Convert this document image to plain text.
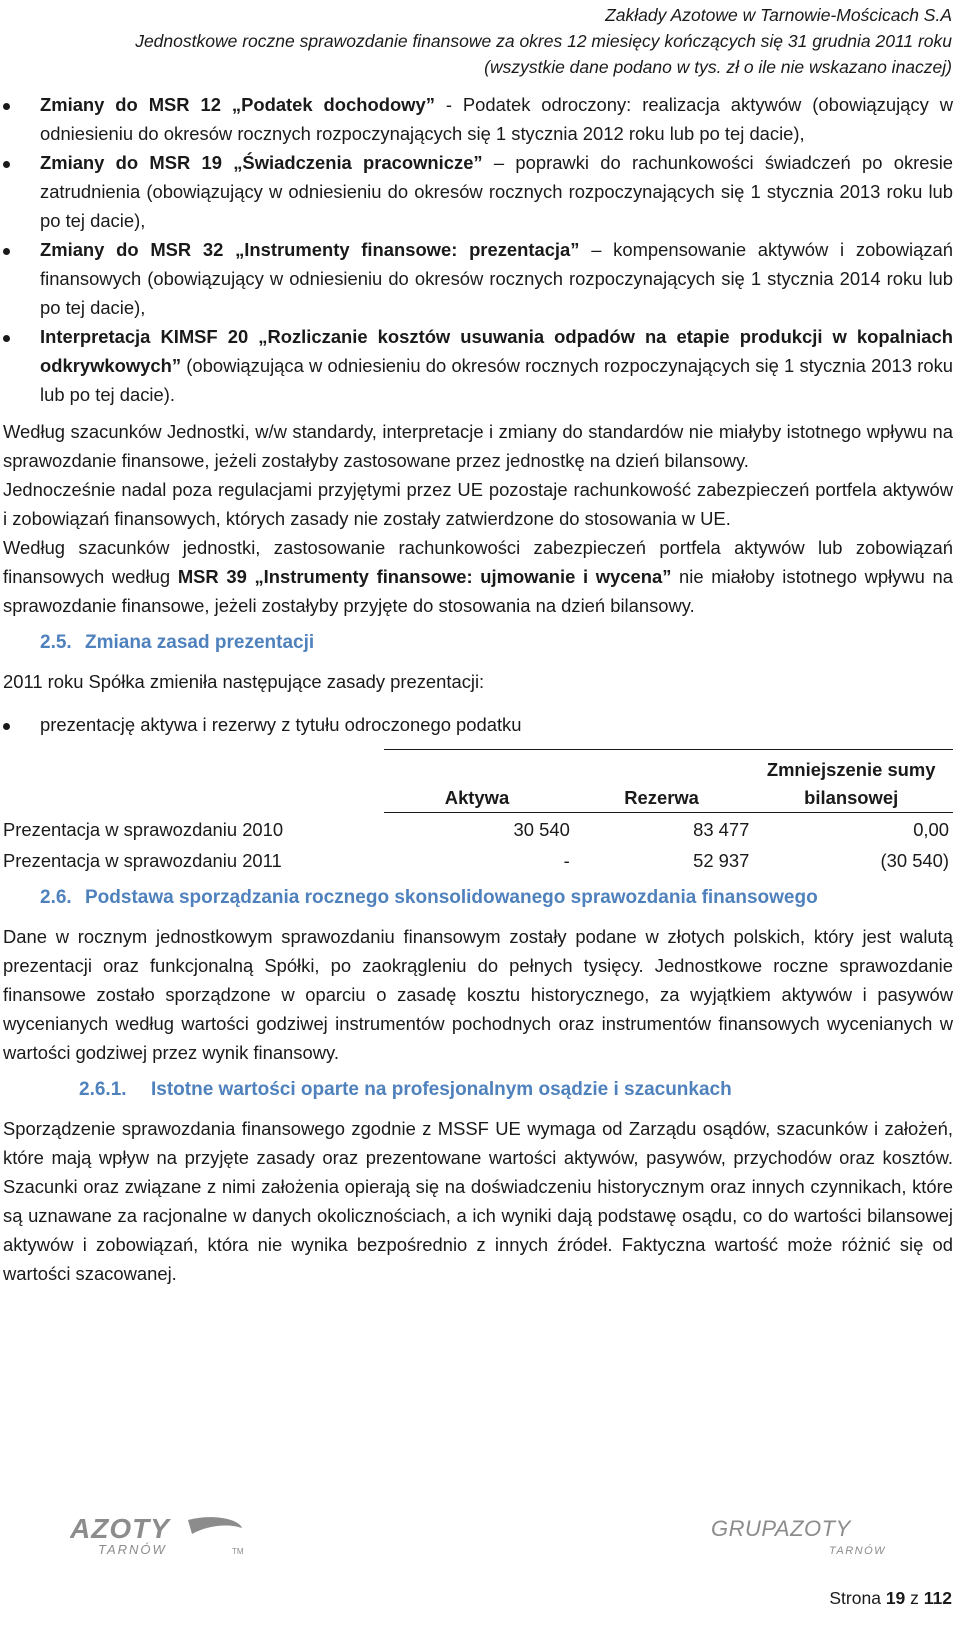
Zakłady Azotowe w Tarnowie-Mościcach S.A
Jednostkowe roczne sprawozdanie finansowe za okres 12 miesięcy kończących się 31 grudnia 2011 roku
(wszystkie dane podano w tys. zł o ile nie wskazano inaczej)
Zmiany do MSR 12 „Podatek dochodowy” - Podatek odroczony: realizacja aktywów (obowiązujący w odniesieniu do okresów rocznych rozpoczynających się 1 stycznia 2012 roku lub po tej dacie),
Zmiany do MSR 19 „Świadczenia pracownicze” – poprawki do rachunkowości świadczeń po okresie zatrudnienia (obowiązujący w odniesieniu do okresów rocznych rozpoczynających się 1 stycznia 2013 roku lub po tej dacie),
Zmiany do MSR 32 „Instrumenty finansowe: prezentacja” – kompensowanie aktywów i zobowiązań finansowych (obowiązujący w odniesieniu do okresów rocznych rozpoczynających się 1 stycznia 2014 roku lub po tej dacie),
Interpretacja KIMSF 20 „Rozliczanie kosztów usuwania odpadów na etapie produkcji w kopalniach odkrywkowych” (obowiązująca w odniesieniu do okresów rocznych rozpoczynających się 1 stycznia 2013 roku lub po tej dacie).

Według szacunków Jednostki, w/w standardy, interpretacje i zmiany do standardów nie miałyby istotnego wpływu na sprawozdanie finansowe, jeżeli zostałyby zastosowane przez jednostkę na dzień bilansowy.

Jednocześnie nadal poza regulacjami przyjętymi przez UE pozostaje rachunkowość zabezpieczeń portfela aktywów i zobowiązań finansowych, których zasady nie zostały zatwierdzone do stosowania w UE.

Według szacunków jednostki, zastosowanie rachunkowości zabezpieczeń portfela aktywów lub zobowiązań finansowych według MSR 39 „Instrumenty finansowe: ujmowanie i wycena” nie miałoby istotnego wpływu na sprawozdanie finansowe, jeżeli zostałyby przyjęte do stosowania na dzień bilansowy.

2.5. Zmiana zasad prezentacji

2011 roku Spółka zmieniła następujące zasady prezentacji:

prezentację aktywa i rezerwy z tytułu odroczonego podatku
	Aktywa	Rezerwa	Zmniejszenie sumy bilansowej
Prezentacja w sprawozdaniu 2010	30 540	83 477	0,00
Prezentacja w sprawozdaniu 2011	-	52 937	(30 540)
2.6. Podstawa sporządzania rocznego skonsolidowanego sprawozdania finansowego

Dane w rocznym jednostkowym sprawozdaniu finansowym zostały podane w złotych polskich, który jest walutą prezentacji oraz funkcjonalną Spółki, po zaokrągleniu do pełnych tysięcy. Jednostkowe roczne sprawozdanie finansowe zostało sporządzone w oparciu o zasadę kosztu historycznego, za wyjątkiem aktywów i pasywów wycenianych według wartości godziwej instrumentów pochodnych oraz instrumentów finansowych wycenianych w wartości godziwej przez wynik finansowy.

2.6.1. Istotne wartości oparte na profesjonalnym osądzie i szacunkach

Sporządzenie sprawozdania finansowego zgodnie z MSSF UE wymaga od Zarządu osądów, szacunków i założeń, które mają wpływ na przyjęte zasady oraz prezentowane wartości aktywów, pasywów, przychodów oraz kosztów. Szacunki oraz związane z nimi założenia opierają się na doświadczeniu historycznym oraz innych czynnikach, które są uznawane za racjonalne w danych okolicznościach, a ich wyniki dają podstawę osądu, co do wartości bilansowej aktywów i zobowiązań, która nie wynika bezpośrednio z innych źródeł. Faktyczna wartość może różnić się od wartości szacowanej.

AZOTY
TARNÓW	TM
GRUPAZOTY
TARNÓW
Strona 19 z 112
